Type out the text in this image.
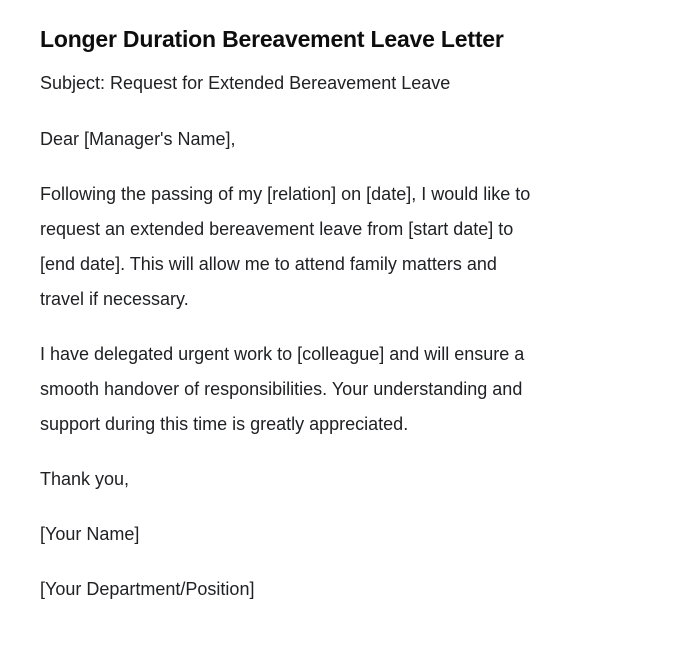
Longer Duration Bereavement Leave Letter
Subject: Request for Extended Bereavement Leave
Dear [Manager's Name],
Following the passing of my [relation] on [date], I would like to
request an extended bereavement leave from [start date] to
[end date]. This will allow me to attend family matters and
travel if necessary.
I have delegated urgent work to [colleague] and will ensure a
smooth handover of responsibilities. Your understanding and
support during this time is greatly appreciated.
Thank you,
[Your Name]
[Your Department/Position]
